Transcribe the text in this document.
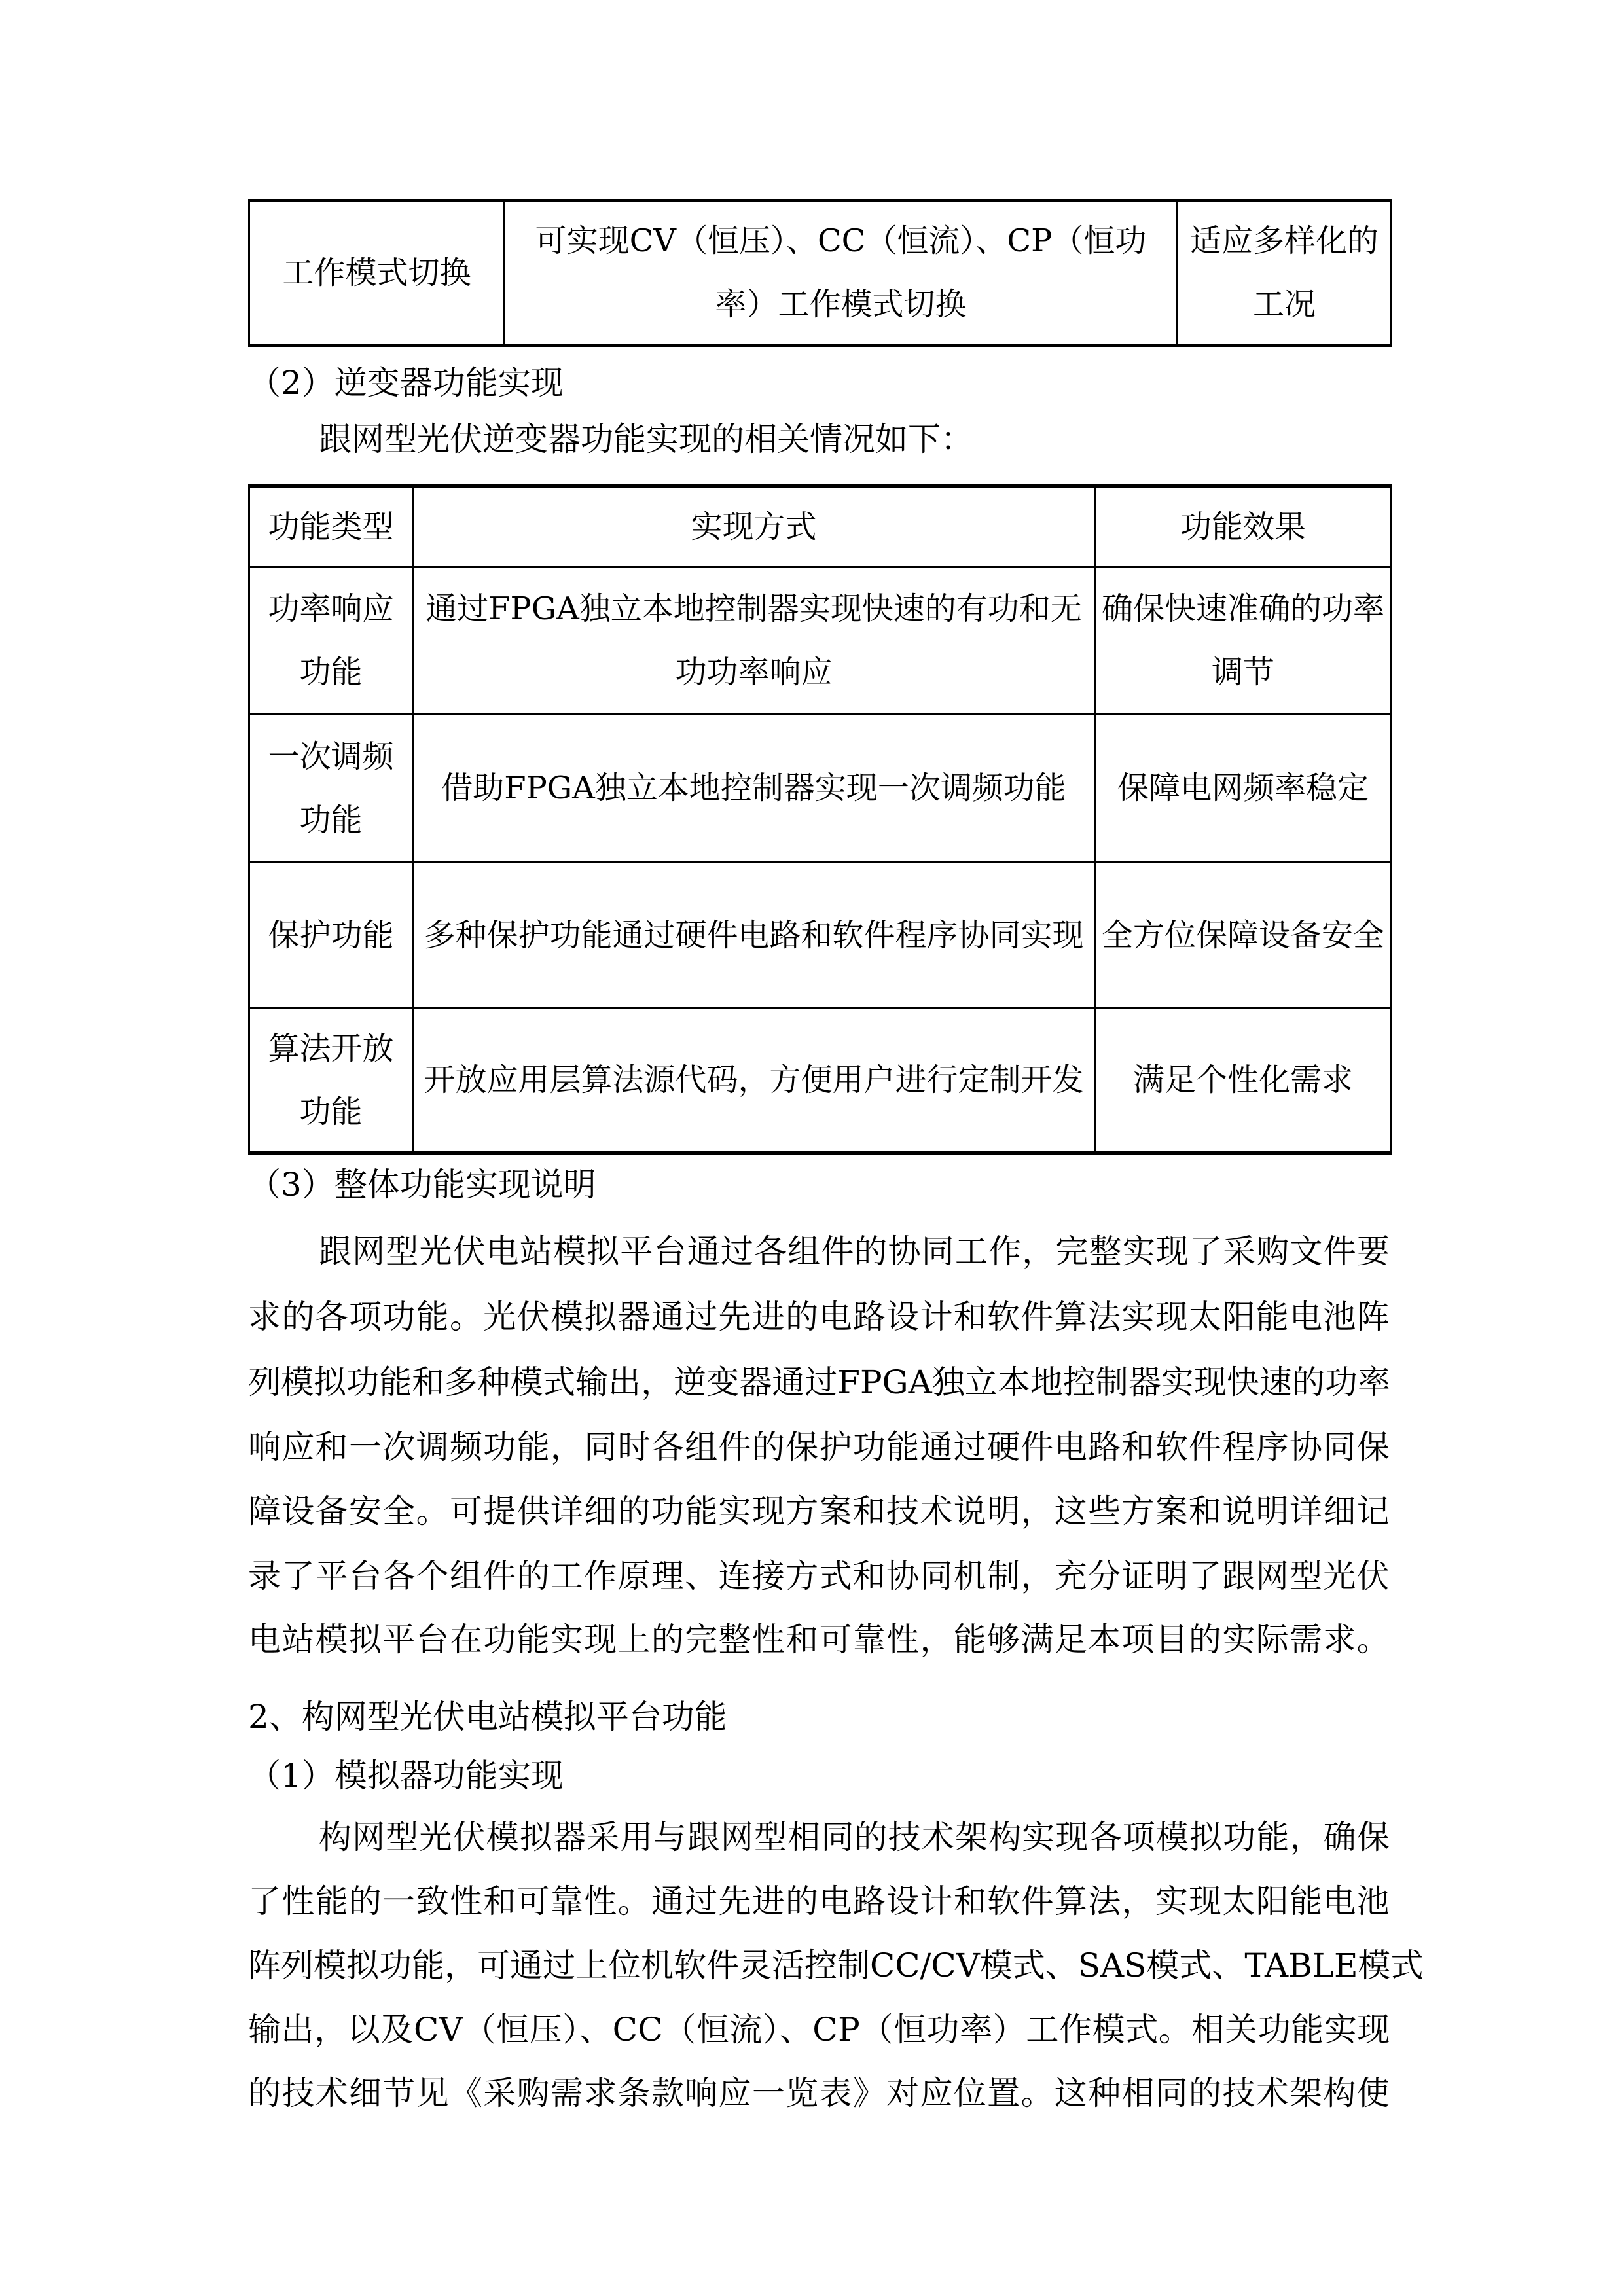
工作模式切换	可实现CV（恒压）、CC（恒流）、CP（恒功率）工作模式切换	适应多样化的工况
（2）逆变器功能实现
跟网型光伏逆变器功能实现的相关情况如下：
功能类型	实现方式	功能效果
功率响应功能	通过FPGA独立本地控制器实现快速的有功和无功功率响应	确保快速准确的功率调节
一次调频功能	借助FPGA独立本地控制器实现一次调频功能	保障电网频率稳定
保护功能	多种保护功能通过硬件电路和软件程序协同实现	全方位保障设备安全
算法开放功能	开放应用层算法源代码，方便用户进行定制开发	满足个性化需求
（3）整体功能实现说明
跟网型光伏电站模拟平台通过各组件的协同工作，完整实现了采购文件要
求的各项功能。光伏模拟器通过先进的电路设计和软件算法实现太阳能电池阵
列模拟功能和多种模式输出，逆变器通过FPGA独立本地控制器实现快速的功率
响应和一次调频功能，同时各组件的保护功能通过硬件电路和软件程序协同保
障设备安全。可提供详细的功能实现方案和技术说明，这些方案和说明详细记
录了平台各个组件的工作原理、连接方式和协同机制，充分证明了跟网型光伏
电站模拟平台在功能实现上的完整性和可靠性，能够满足本项目的实际需求。
2、构网型光伏电站模拟平台功能
（1）模拟器功能实现
构网型光伏模拟器采用与跟网型相同的技术架构实现各项模拟功能，确保
了性能的一致性和可靠性。通过先进的电路设计和软件算法，实现太阳能电池
阵列模拟功能，可通过上位机软件灵活控制CC/CV模式、SAS模式、TABLE模式
输出，以及CV（恒压）、CC（恒流）、CP（恒功率）工作模式。相关功能实现
的技术细节见《采购需求条款响应一览表》对应位置。这种相同的技术架构使
